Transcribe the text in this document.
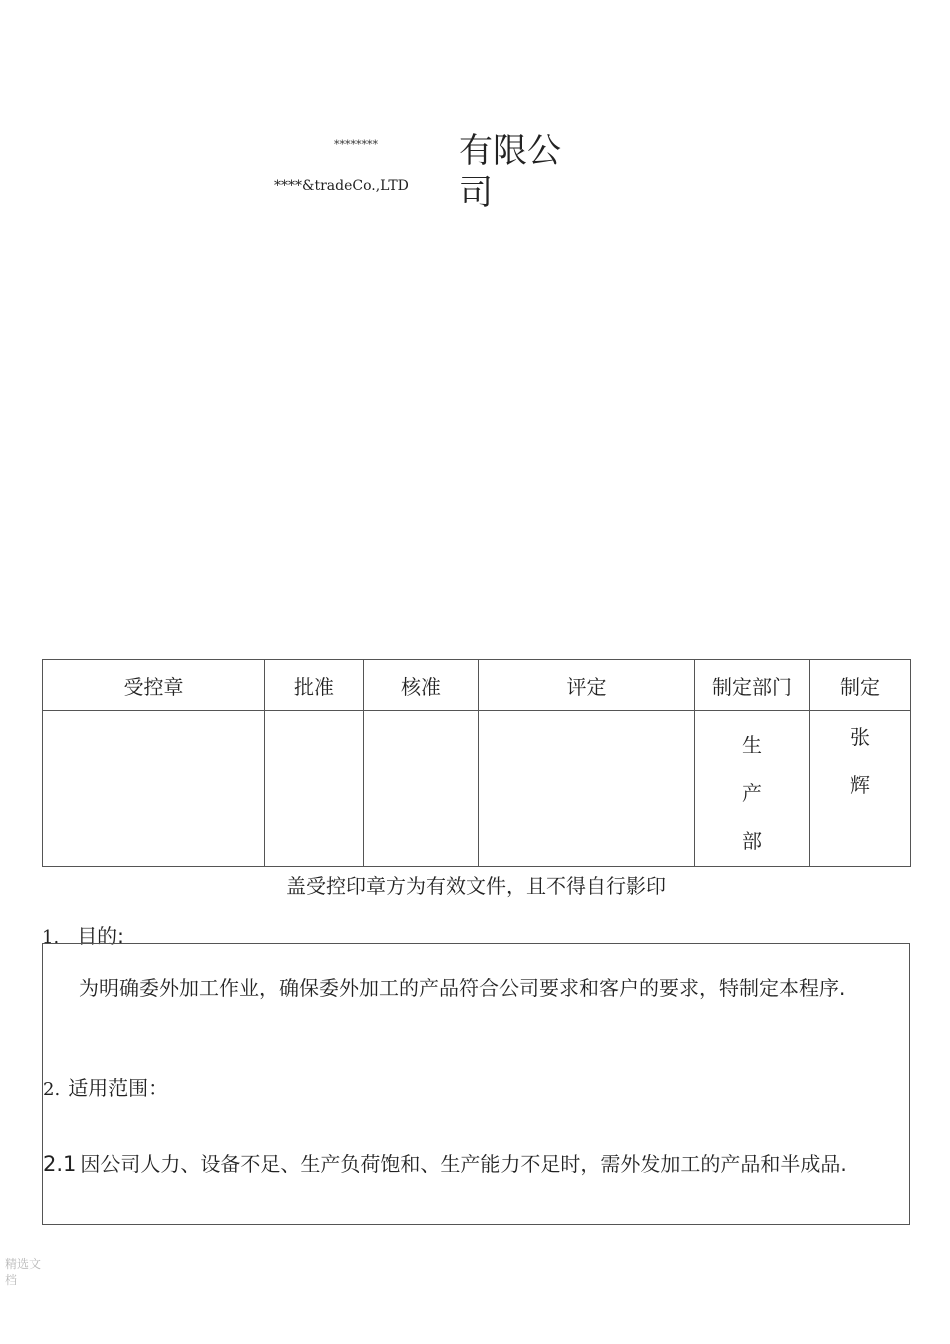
********
****&tradeCo.,LTD
有限公司
受控章	批准	核准	评定	制定部门	制定
				生产部	张辉
盖受控印章方为有效文件，且不得自行影印
1. 目的:
为明确委外加工作业，确保委外加工的产品符合公司要求和客户的要求，特制定本程序.
2. 适用范围：
2.1 因公司人力、设备不足、生产负荷饱和、生产能力不足时，需外发加工的产品和半成品.
精选文档
